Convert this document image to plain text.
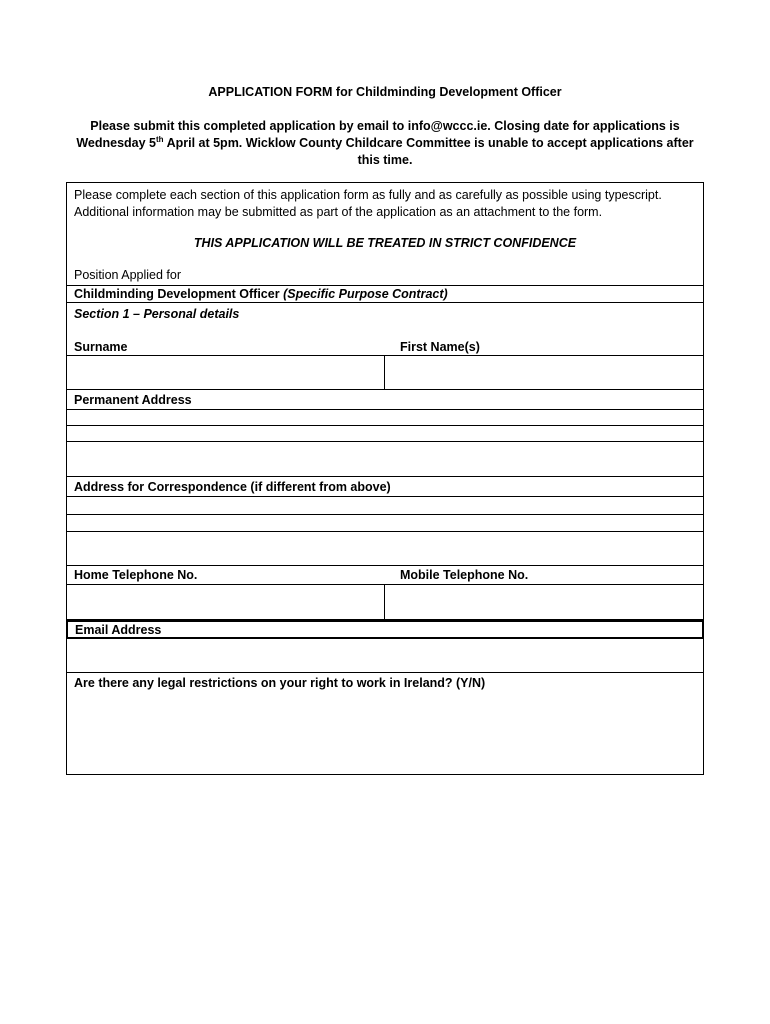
APPLICATION FORM for Childminding Development Officer
Please submit this completed application by email to info@wccc.ie. Closing date for applications is Wednesday 5th April at 5pm. Wicklow County Childcare Committee is unable to accept applications after this time.
Please complete each section of this application form as fully and as carefully as possible using typescript.
Additional information may be submitted as part of the application as an attachment to the form.
THIS APPLICATION WILL BE TREATED IN STRICT CONFIDENCE
Position Applied for
Childminding Development Officer (Specific Purpose Contract)
Section 1 – Personal details
Surname	First Name(s)
Permanent Address
Address for Correspondence (if different from above)
Home Telephone No.	Mobile Telephone No.
Email Address
Are there any legal restrictions on your right to work in Ireland? (Y/N)
